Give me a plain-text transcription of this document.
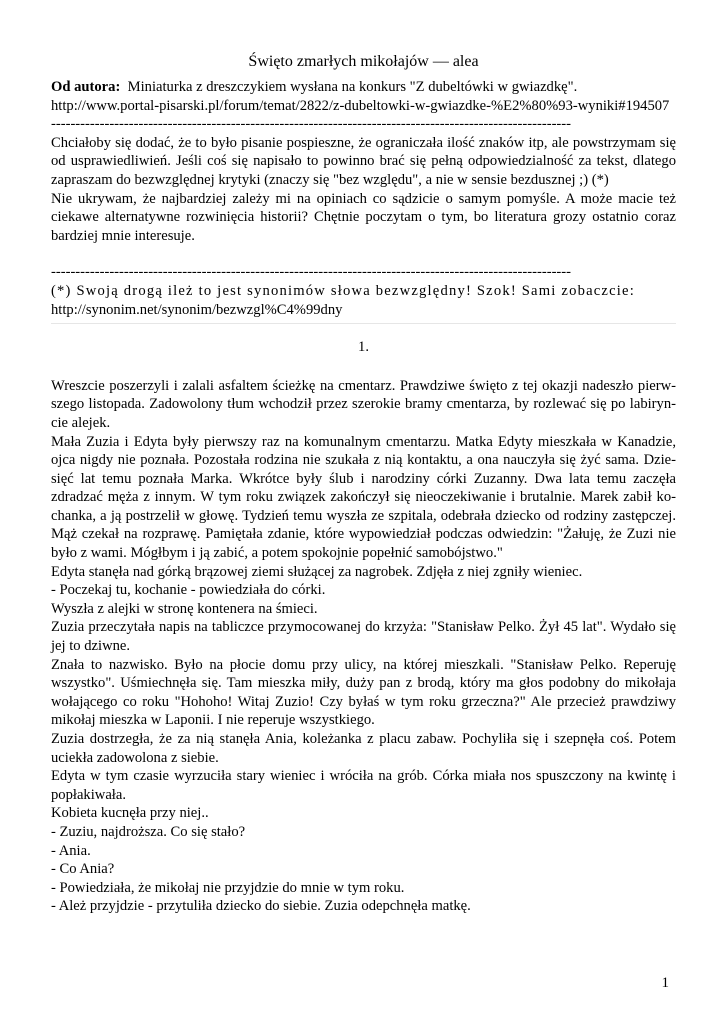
Święto zmarłych mikołajów — alea
Od autora: Miniaturka z dreszczykiem wysłana na konkurs "Z dubeltówki w gwiazdkę".
http://www.portal-pisarski.pl/forum/temat/2822/z-dubeltowki-w-gwiazdke-%E2%80%93-wyniki#194507
-----------------------------------------------------------------------------------------------------------
Chciałoby się dodać, że to było pisanie pospieszne, że ograniczała ilość znaków itp, ale powstrzymam się od usprawiedliwień. Jeśli coś się napisało to powinno brać się pełną odpowiedzialność za tekst, dlatego zapraszam do bezwzględnej krytyki (znaczy się "bez względu", a nie w sensie bezdusznej ;) (*)
Nie ukrywam, że najbardziej zależy mi na opiniach co sądzicie o samym pomyśle. A może macie też ciekawe alternatywne rozwinięcia historii? Chętnie poczytam o tym, bo literatura grozy ostatnio coraz bardziej mnie interesuje.
-----------------------------------------------------------------------------------------------------------
(*) Swoją drogą ileż to jest synonimów słowa bezwzględny! Szok! Sami zobaczcie:
http://synonim.net/synonim/bezwzgl%C4%99dny
1.
Wreszcie poszerzyli i zalali asfaltem ścieżkę na cmentarz. Prawdziwe święto z tej okazji nadeszło pierwszego listopada. Zadowolony tłum wchodził przez szerokie bramy cmentarza, by rozlewać się po labiryncie alejek.
Mała Zuzia i Edyta były pierwszy raz na komunalnym cmentarzu. Matka Edyty mieszkała w Kanadzie, ojca nigdy nie poznała. Pozostała rodzina nie szukała z nią kontaktu, a ona nauczyła się żyć sama. Dziesięć lat temu poznała Marka. Wkrótce były ślub i narodziny córki Zuzanny. Dwa lata temu zaczęła zdradzać męża z innym. W tym roku związek zakończył się nieoczekiwanie i brutalnie. Marek zabił kochanka, a ją postrzelił w głowę. Tydzień temu wyszła ze szpitala, odebrała dziecko od rodziny zastępczej. Mąż czekał na rozprawę. Pamiętała zdanie, które wypowiedział podczas odwiedzin: "Żałuję, że Zuzi nie było z wami. Mógłbym i ją zabić, a potem spokojnie popełnić samobójstwo."
Edyta stanęła nad górką brązowej ziemi służącej za nagrobek. Zdjęła z niej zgniły wieniec.
- Poczekaj tu, kochanie - powiedziała do córki.
Wyszła z alejki w stronę kontenera na śmieci.
Zuzia przeczytała napis na tabliczce przymocowanej do krzyża: "Stanisław Pelko. Żył 45 lat". Wydało się jej to dziwne.
Znała to nazwisko. Było na płocie domu przy ulicy, na której mieszkali. "Stanisław Pelko. Reperuję wszystko". Uśmiechnęła się. Tam mieszka miły, duży pan z brodą, który ma głos podobny do mikołaja wołającego co roku "Hohoho! Witaj Zuzio! Czy byłaś w tym roku grzeczna?" Ale przecież prawdziwy mikołaj mieszka w Laponii. I nie reperuje wszystkiego.
Zuzia dostrzegła, że za nią stanęła Ania, koleżanka z placu zabaw. Pochyliła się i szepnęła coś. Potem uciekła zadowolona z siebie.
Edyta w tym czasie wyrzuciła stary wieniec i wróciła na grób. Córka miała nos spuszczony na kwintę i popłakiwała.
Kobieta kucnęła przy niej..
- Zuziu, najdroższa. Co się stało?
- Ania.
- Co Ania?
- Powiedziała, że mikołaj nie przyjdzie do mnie w tym roku.
- Ależ przyjdzie - przytuliła dziecko do siebie. Zuzia odepchnęła matkę.
1
